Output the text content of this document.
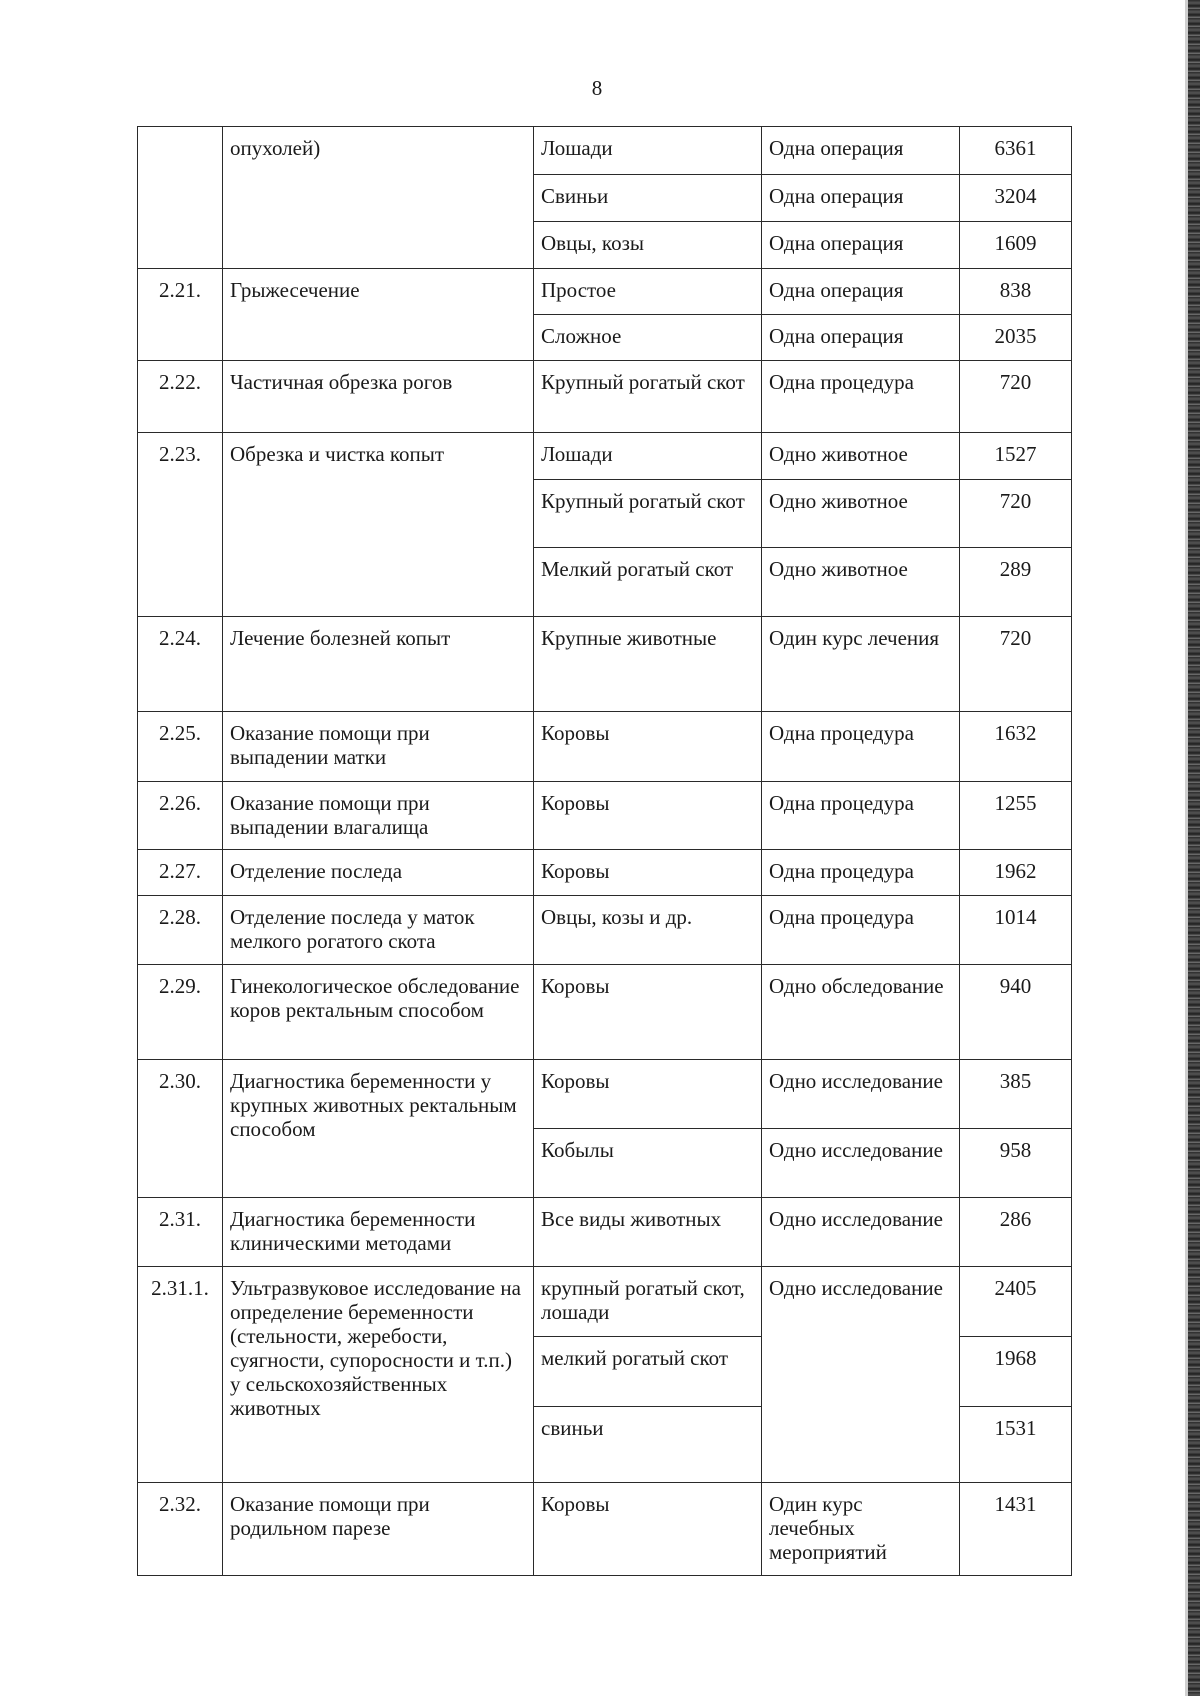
8
	опухолей)	Лошади	Одна операция	6361
		Свиньи	Одна операция	3204
		Овцы, козы	Одна операция	1609
2.21.	Грыжесечение	Простое	Одна операция	838
		Сложное	Одна операция	2035
2.22.	Частичная обрезка рогов	Крупный рогатый скот	Одна процедура	720
2.23.	Обрезка и чистка копыт	Лошади	Одно животное	1527
		Крупный рогатый скот	Одно животное	720
		Мелкий рогатый скот	Одно животное	289
2.24.	Лечение болезней копыт	Крупные животные	Один курс лечения	720
2.25.	Оказание помощи при выпадении матки	Коровы	Одна процедура	1632
2.26.	Оказание помощи при выпадении влагалища	Коровы	Одна процедура	1255
2.27.	Отделение последа	Коровы	Одна процедура	1962
2.28.	Отделение последа у маток мелкого рогатого скота	Овцы, козы и др.	Одна процедура	1014
2.29.	Гинекологическое обследование коров ректальным способом	Коровы	Одно обследование	940
2.30.	Диагностика беременности у крупных животных ректальным способом	Коровы	Одно исследование	385
		Кобылы	Одно исследование	958
2.31.	Диагностика беременности клиническими методами	Все виды животных	Одно исследование	286
2.31.1.	Ультразвуковое исследование на определение беременности (стельности, жеребости, суягности, супоросности и т.п.) у сельскохозяйственных животных	крупный рогатый скот, лошади	Одно исследование	2405
		мелкий рогатый скот		1968
		свиньи		1531
2.32.	Оказание помощи при родильном парезе	Коровы	Один курс лечебных мероприятий	1431
